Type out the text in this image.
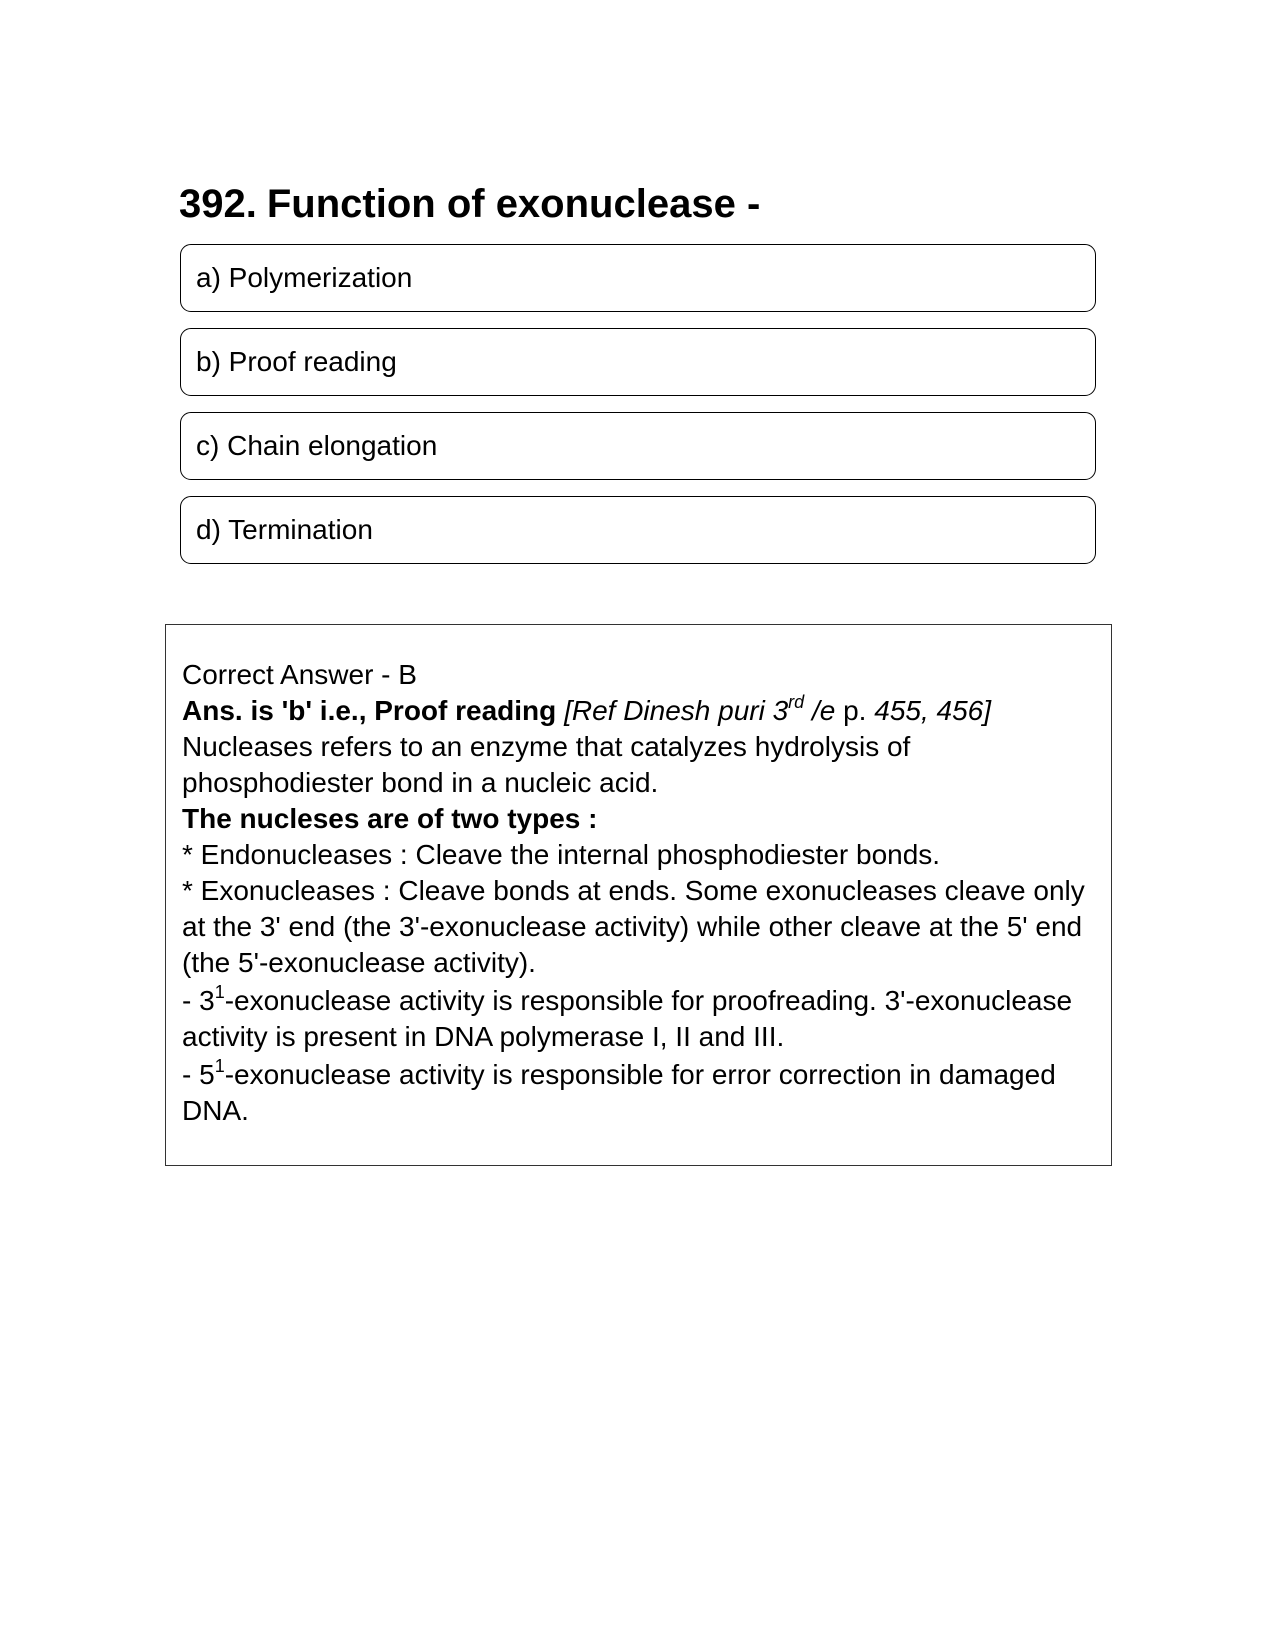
392. Function of exonuclease -
a) Polymerization
b) Proof reading
c) Chain elongation
d) Termination

Correct Answer - B

Ans. is 'b' i.e., Proof reading [Ref Dinesh puri 3rd /e p. 455, 456]

Nucleases refers to an enzyme that catalyzes hydrolysis of phosphodiester bond in a nucleic acid.

The nucleses are of two types :

* Endonucleases : Cleave the internal phosphodiester bonds.

* Exonucleases : Cleave bonds at ends. Some exonucleases cleave only at the 3' end (the 3'-exonuclease activity) while other cleave at the 5' end (the 5'-exonuclease activity).

- $3^1$-exonuclease activity is responsible for proofreading. 3'-exonuclease activity is present in DNA polymerase I, II and III.

- $5^1$-exonuclease activity is responsible for error correction in damaged DNA.
